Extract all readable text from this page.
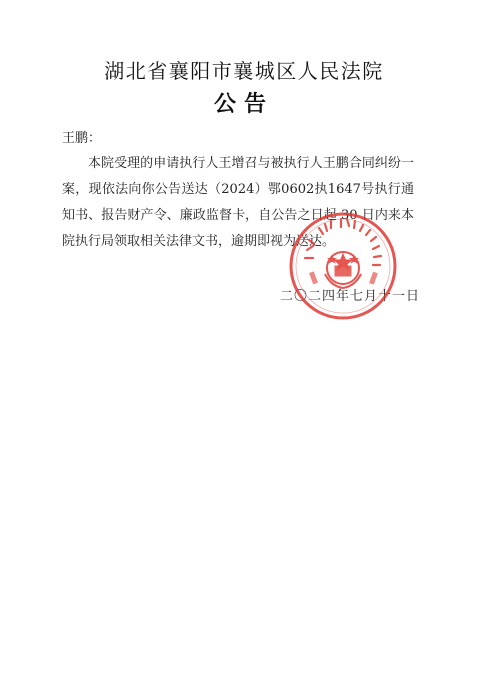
湖北省襄阳市襄城区人民法院
公告
王鹏：

本院受理的申请执行人王增召与被执行人王鹏合同纠纷一案，现依法向你公告送达（2024）鄂0602执1647号执行通知书、报告财产令、廉政监督卡，自公告之日起 30 日内来本院执行局领取相关法律文书，逾期即视为送达。

二〇二四年七月十一日
